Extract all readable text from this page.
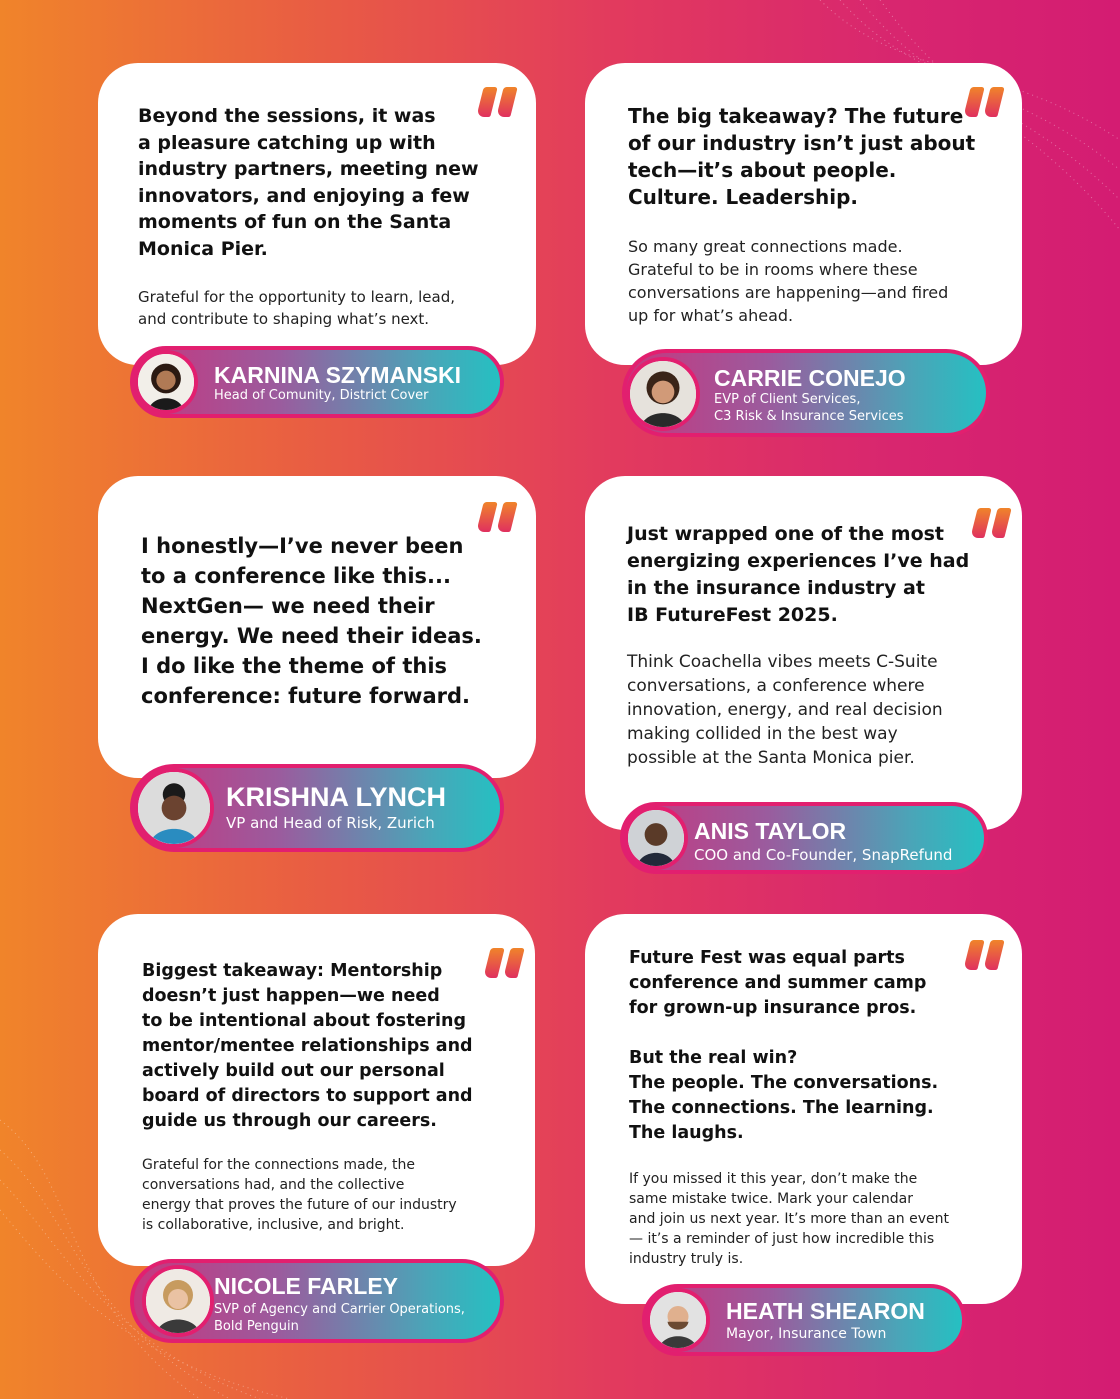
Beyond the sessions, it was
a pleasure catching up with
industry partners, meeting new
innovators, and enjoying a few
moments of fun on the Santa
Monica Pier.

Grateful for the opportunity to learn, lead,
and contribute to shaping what’s next.

KARNINA SZYMANSKI
Head of Comunity, District Cover

The big takeaway? The future
of our industry isn’t just about
tech—it’s about people.
Culture. Leadership.

So many great connections made.
Grateful to be in rooms where these
conversations are happening—and fired
up for what’s ahead.

CARRIE CONEJO
EVP of Client Services,
C3 Risk & Insurance Services

I honestly—I’ve never been
to a conference like this...
NextGen— we need their
energy. We need their ideas.
I do like the theme of this
conference: future forward.

KRISHNA LYNCH
VP and Head of Risk, Zurich

Just wrapped one of the most
energizing experiences I’ve had
in the insurance industry at
IB FutureFest 2025.

Think Coachella vibes meets C-Suite
conversations, a conference where
innovation, energy, and real decision
making collided in the best way
possible at the Santa Monica pier.

ANIS TAYLOR
COO and Co-Founder, SnapRefund

Biggest takeaway: Mentorship
doesn’t just happen—we need
to be intentional about fostering
mentor/mentee relationships and
actively build out our personal
board of directors to support and
guide us through our careers.

Grateful for the connections made, the
conversations had, and the collective
energy that proves the future of our industry
is collaborative, inclusive, and bright.

NICOLE FARLEY
SVP of Agency and Carrier Operations,
Bold Penguin

Future Fest was equal parts
conference and summer camp
for grown-up insurance pros.

But the real win?
The people. The conversations.
The connections. The learning.
The laughs.

If you missed it this year, don’t make the
same mistake twice. Mark your calendar
and join us next year. It’s more than an event
— it’s a reminder of just how incredible this
industry truly is.

HEATH SHEARON
Mayor, Insurance Town
